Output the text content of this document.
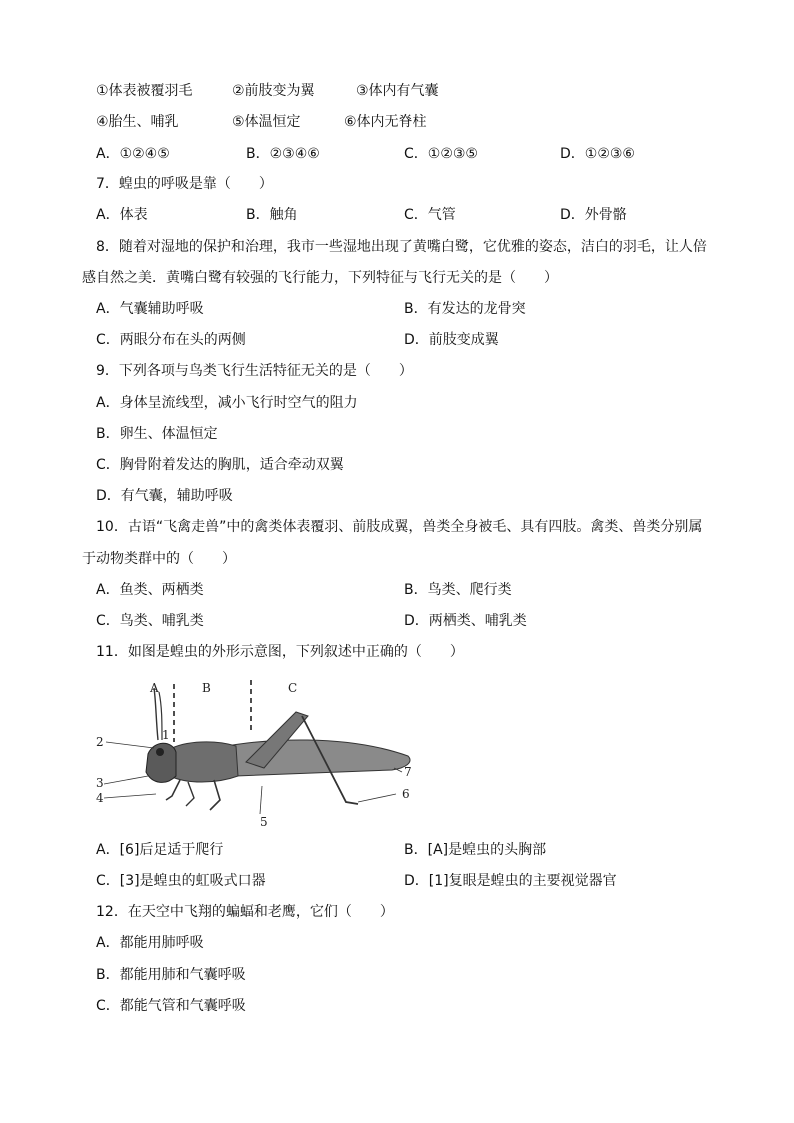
①体表被覆羽毛	②前肢变为翼	③体内有气囊
④胎生、哺乳	⑤体温恒定	⑥体内无脊柱
A．①②④⑤	B．②③④⑥	C．①②③⑤	D．①②③⑥
7．蝗虫的呼吸是靠（　　）
A．体表	B．触角	C．气管	D．外骨骼
8．随着对湿地的保护和治理，我市一些湿地出现了黄嘴白鹭，它优雅的姿态，洁白的羽毛，让人倍
感自然之美．黄嘴白鹭有较强的飞行能力，下列特征与飞行无关的是（　　）
A．气囊辅助呼吸	B．有发达的龙骨突
C．两眼分布在头的两侧	D．前肢变成翼
9．下列各项与鸟类飞行生活特征无关的是（　　）
A．身体呈流线型，减小飞行时空气的阻力
B．卵生、体温恒定
C．胸骨附着发达的胸肌，适合牵动双翼
D．有气囊，辅助呼吸
10．古语“飞禽走兽”中的禽类体表覆羽、前肢成翼，兽类全身被毛、具有四肢。禽类、兽类分别属
于动物类群中的（　　）
A．鱼类、两栖类	B．鸟类、爬行类
C．鸟类、哺乳类	D．两栖类、哺乳类
11．如图是蝗虫的外形示意图，下列叙述中正确的（　　）
A	B	C
1
2
3
4
5
6
7
A．[6]后足适于爬行	B．[A]是蝗虫的头胸部
C．[3]是蝗虫的虹吸式口器	D．[1]复眼是蝗虫的主要视觉器官
12．在天空中飞翔的蝙蝠和老鹰，它们（　　）
A．都能用肺呼吸
B．都能用肺和气囊呼吸
C．都能气管和气囊呼吸
